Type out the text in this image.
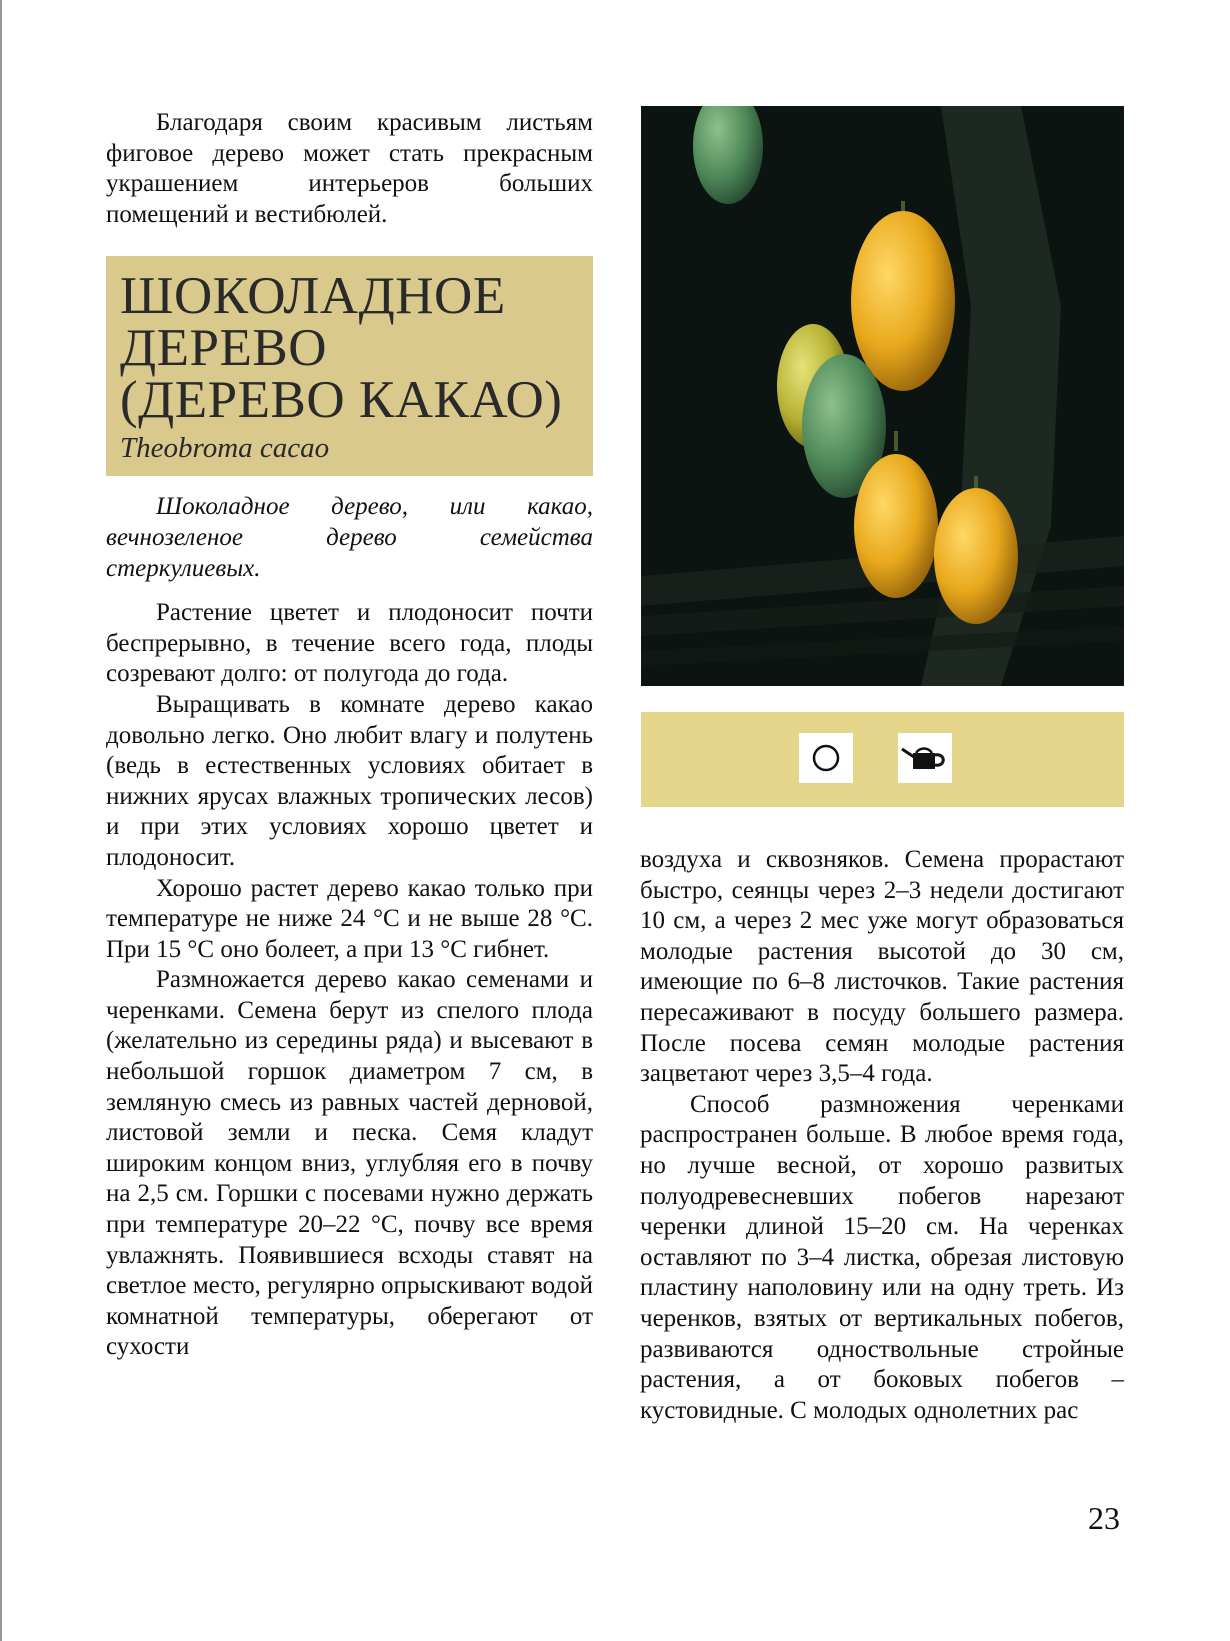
Благодаря своим красивым листьям фиговое дерево может стать прекрасным украшением интерьеров больших помещений и вестибюлей.

ШОКОЛАДНОЕ
ДЕРЕВО
(ДЕРЕВО КАКАО)
Theobroma cacao

Шоколадное дерево, или какао, вечнозеленое дерево семейства стеркулиевых.

Растение цветет и плодоносит почти беспрерывно, в течение всего года, плоды созревают долго: от полугода до года.

Выращивать в комнате дерево какао довольно легко. Оно любит влагу и полутень (ведь в естественных условиях обитает в нижних ярусах влажных тропических лесов) и при этих условиях хорошо цветет и плодоносит.

Хорошо растет дерево какао только при температуре не ниже 24 °С и не выше 28 °С. При 15 °С оно болеет, а при 13 °С гибнет.

Размножается дерево какао семенами и черенками. Семена берут из спелого плода (желательно из середины ряда) и высевают в небольшой горшок диаметром 7 см, в земляную смесь из равных частей дерновой, листовой земли и песка. Семя кладут широким концом вниз, углубляя его в почву на 2,5 см. Горшки с посевами нужно держать при температуре 20–22 °С, почву все время увлажнять. Появившиеся всходы ставят на светлое место, регулярно опрыскивают водой комнатной температуры, оберегают от сухости

воздуха и сквозняков. Семена прорастают быстро, сеянцы через 2–3 недели достигают 10 см, а через 2 мес уже могут образоваться молодые растения высотой до 30 см, имеющие по 6–8 листочков. Такие растения пересаживают в посуду большего размера. После посева семян молодые растения зацветают через 3,5–4 года.

Способ размножения черенками распространен больше. В любое время года, но лучше весной, от хорошо развитых полуодревесневших побегов нарезают черенки длиной 15–20 см. На черенках оставляют по 3–4 листка, обрезая листовую пластину наполовину или на одну треть. Из черенков, взятых от вертикальных побегов, развиваются одноствольные стройные растения, а от боковых побегов – кустовидные. С молодых однолетних рас

23
